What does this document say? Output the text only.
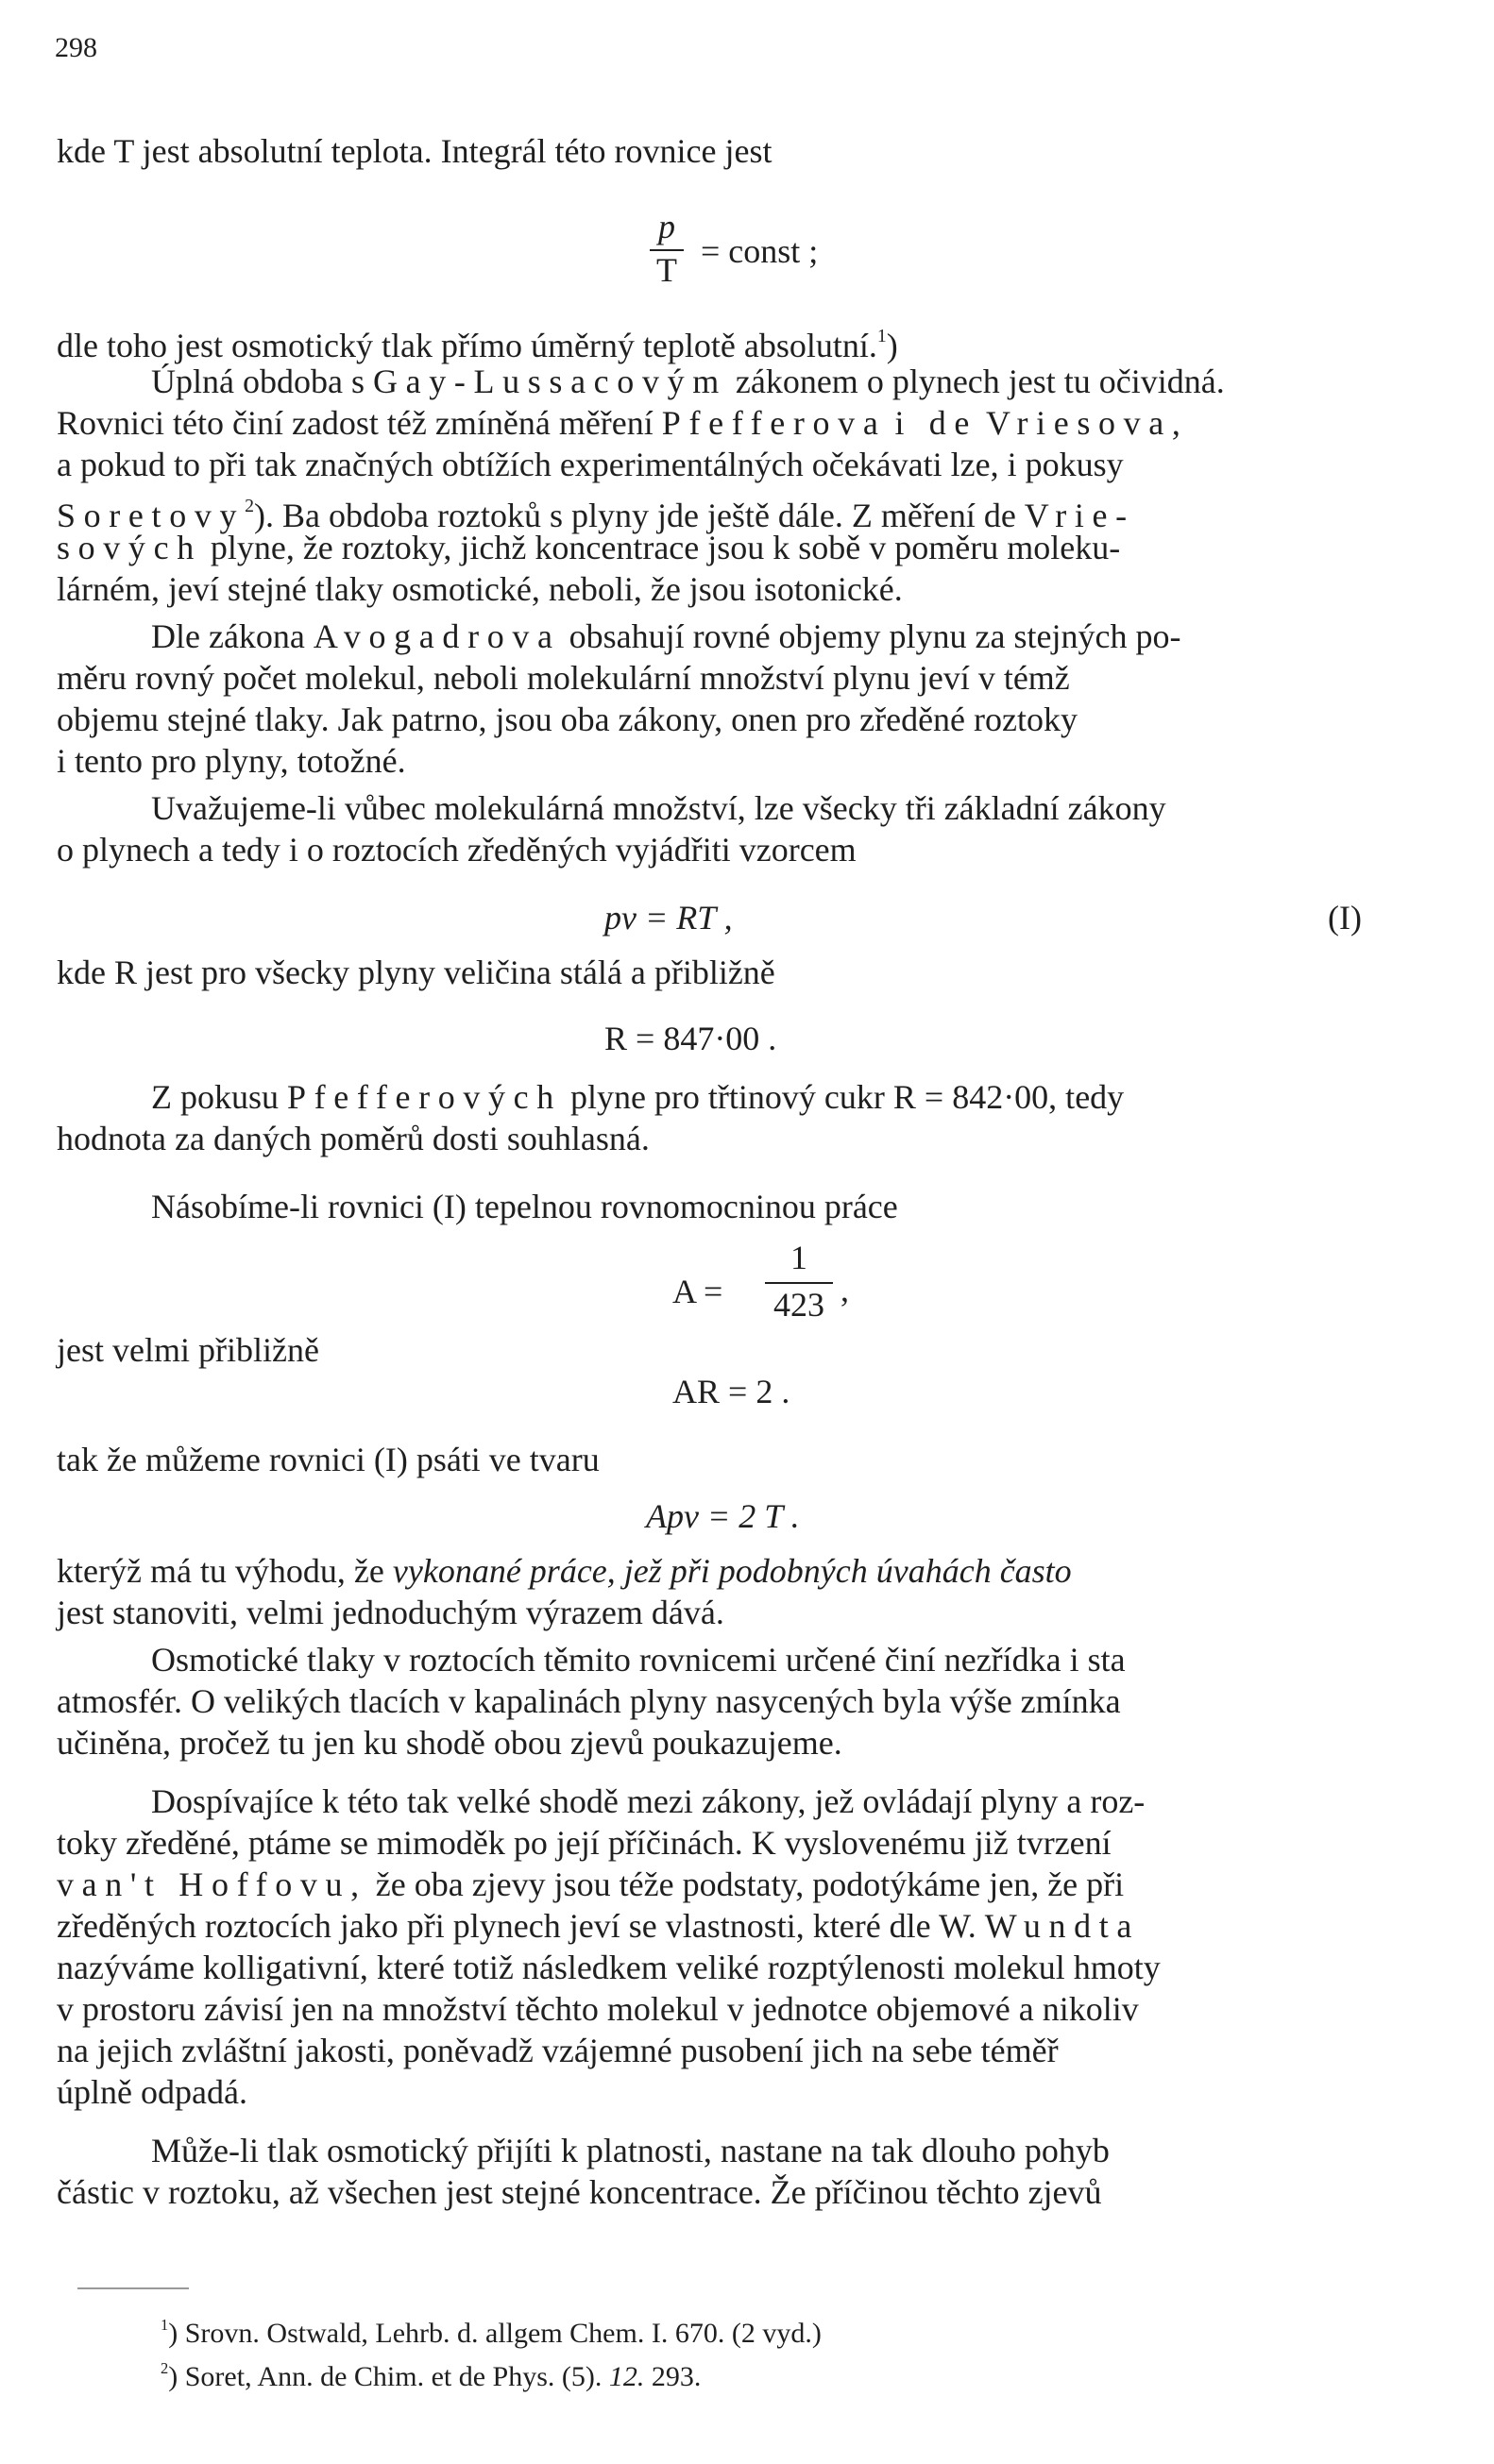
298
kde T jest absolutní teplota. Integrál této rovnice jest
p
T = const ;
dle toho jest osmotický tlak přímo úměrný teplotě absolutní.$^1$)
Úplná obdoba s Gay-Lussacovým zákonem o plynech jest tu očividná.
Rovnici této činí zadost též zmíněná měření Pfefferova i de Vriesova,
a pokud to při tak značných obtížích experimentálných očekávati lze, i pokusy
Soretovy$^2$). Ba obdoba roztoků s plyny jde ještě dále. Z měření de Vrie-
sových plyne, že roztoky, jichž koncentrace jsou k sobě v poměru moleku-
lárném, jeví stejné tlaky osmotické, neboli, že jsou isotonické.
Dle zákona Avogadrova obsahují rovné objemy plynu za stejných po-
měru rovný počet molekul, neboli molekulární množství plynu jeví v témž
objemu stejné tlaky. Jak patrno, jsou oba zákony, onen pro zředěné roztoky
i tento pro plyny, totožné.
Uvažujeme-li vůbec molekulárná množství, lze všecky tři základní zákony
o plynech a tedy i o roztocích zředěných vyjádřiti vzorcem
pv = RT ,	(I)
kde R jest pro všecky plyny veličina stálá a přibližně
R = 847·00 .
Z pokusu Pfefferových plyne pro třtinový cukr R = 842·00, tedy
hodnota za daných poměrů dosti souhlasná.
Násobíme-li rovnici (I) tepelnou rovnomocninou práce
A =
1
423 ,
jest velmi přibližně
AR = 2 .
tak že můžeme rovnici (I) psáti ve tvaru
Apv = 2 T .
kterýž má tu výhodu, že vykonané práce, jež při podobných úvahách často
jest stanoviti, velmi jednoduchým výrazem dává.
Osmotické tlaky v roztocích těmito rovnicemi určené činí nezřídka i sta
atmosfér. O velikých tlacích v kapalinách plyny nasycených byla výše zmínka
učiněna, pročež tu jen ku shodě obou zjevů poukazujeme.
Dospívajíce k této tak velké shodě mezi zákony, jež ovládají plyny a roz-
toky zředěné, ptáme se mimoděk po její příčinách. K vyslovenému již tvrzení
van't Hoffovu, že oba zjevy jsou téže podstaty, podotýkáme jen, že při
zředěných roztocích jako při plynech jeví se vlastnosti, které dle W. Wundta
nazýváme kolligativní, které totiž následkem veliké rozptýlenosti molekul hmoty
v prostoru závisí jen na množství těchto molekul v jednotce objemové a nikoliv
na jejich zvláštní jakosti, poněvadž vzájemné pusobení jich na sebe téměř
úplně odpadá.
Může-li tlak osmotický přijíti k platnosti, nastane na tak dlouho pohyb
částic v roztoku, až všechen jest stejné koncentrace. Že příčinou těchto zjevů
$^1$) Srovn. Ostwald, Lehrb. d. allgem Chem. I. 670. (2 vyd.)
$^2$) Soret, Ann. de Chim. et de Phys. (5). 12. 293.
